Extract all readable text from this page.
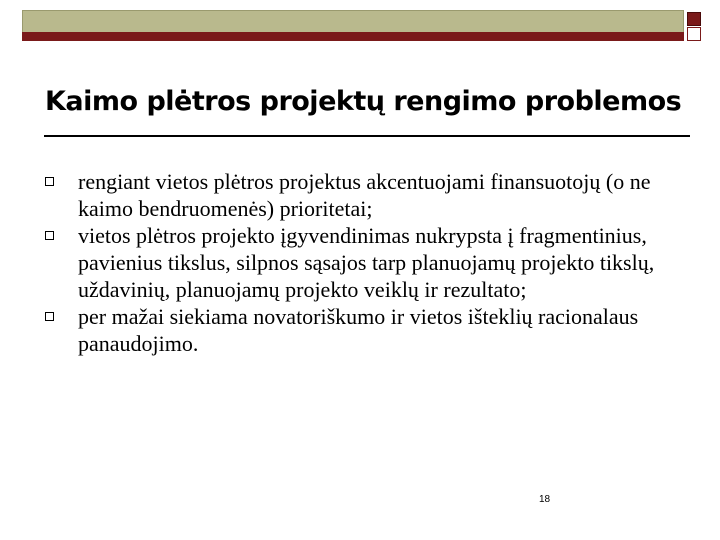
Kaimo plėtros projektų rengimo problemos
rengiant vietos plėtros projektus akcentuojami finansuotojų (o ne kaimo bendruomenės) prioritetai;
vietos plėtros projekto įgyvendinimas nukrypsta į fragmentinius, pavienius tikslus, silpnos sąsajos tarp planuojamų projekto tikslų, uždavinių, planuojamų projekto veiklų ir rezultato;
per mažai siekiama novatoriškumo ir vietos išteklių racionalaus panaudojimo.
18
